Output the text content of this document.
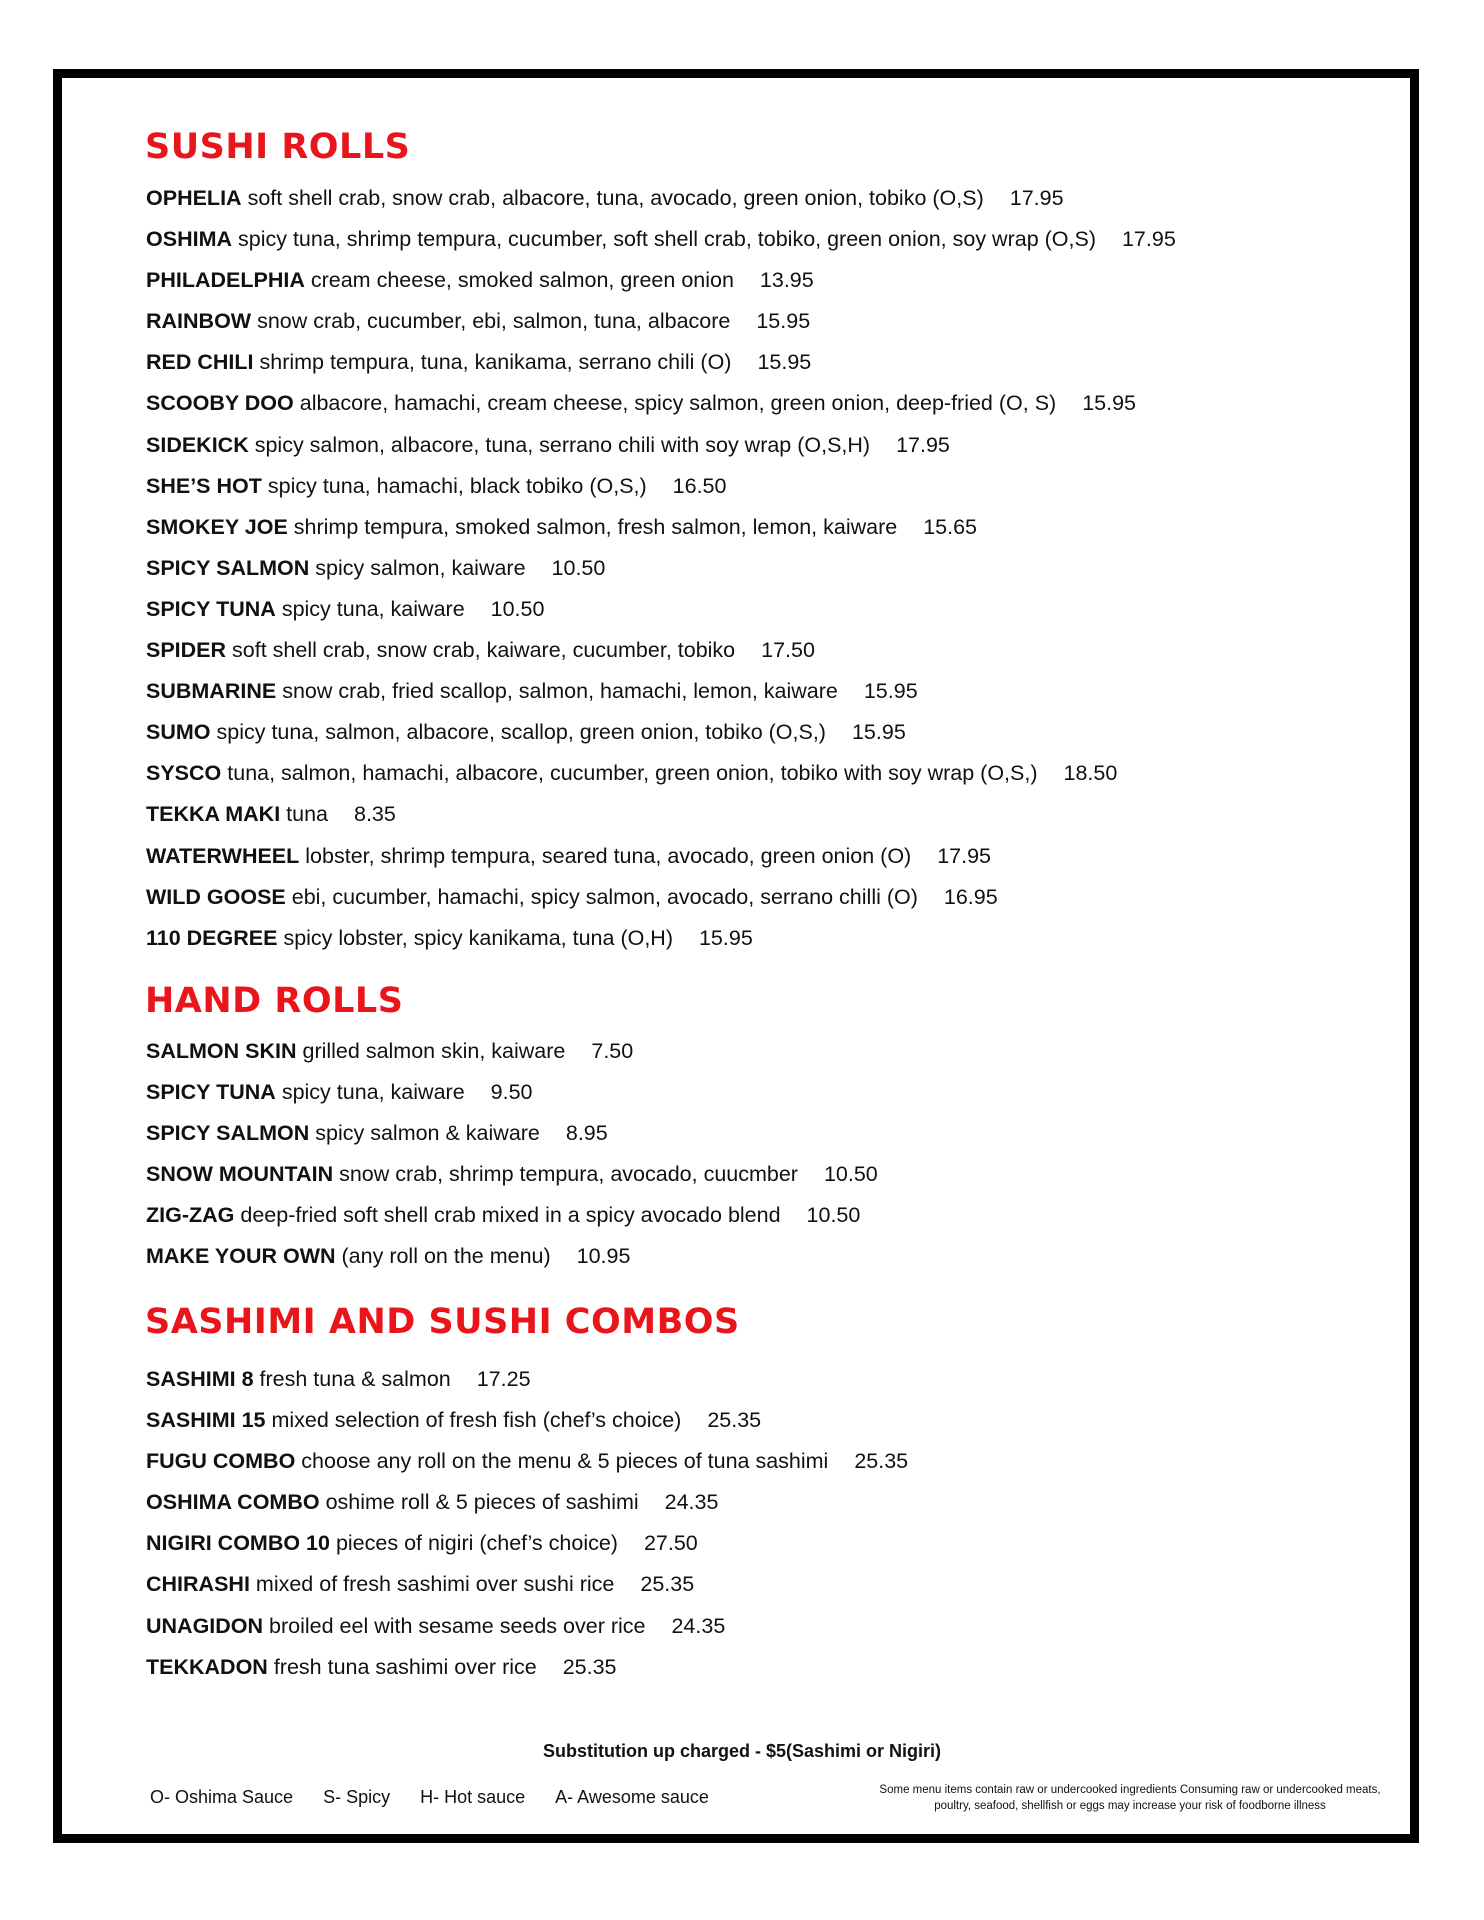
SUSHI ROLLS
OPHELIA soft shell crab, snow crab, albacore, tuna, avocado, green onion, tobiko (O,S) 17.95
OSHIMA spicy tuna, shrimp tempura, cucumber, soft shell crab, tobiko, green onion, soy wrap (O,S) 17.95
PHILADELPHIA cream cheese, smoked salmon, green onion 13.95
RAINBOW snow crab, cucumber, ebi, salmon, tuna, albacore 15.95
RED CHILI shrimp tempura, tuna, kanikama, serrano chili (O) 15.95
SCOOBY DOO albacore, hamachi, cream cheese, spicy salmon, green onion, deep-fried (O, S) 15.95
SIDEKICK spicy salmon, albacore, tuna, serrano chili with soy wrap (O,S,H) 17.95
SHE’S HOT spicy tuna, hamachi, black tobiko (O,S,) 16.50
SMOKEY JOE shrimp tempura, smoked salmon, fresh salmon, lemon, kaiware 15.65
SPICY SALMON spicy salmon, kaiware 10.50
SPICY TUNA spicy tuna, kaiware 10.50
SPIDER soft shell crab, snow crab, kaiware, cucumber, tobiko 17.50
SUBMARINE snow crab, fried scallop, salmon, hamachi, lemon, kaiware 15.95
SUMO spicy tuna, salmon, albacore, scallop, green onion, tobiko (O,S,) 15.95
SYSCO tuna, salmon, hamachi, albacore, cucumber, green onion, tobiko with soy wrap (O,S,) 18.50
TEKKA MAKI tuna 8.35
WATERWHEEL lobster, shrimp tempura, seared tuna, avocado, green onion (O) 17.95
WILD GOOSE ebi, cucumber, hamachi, spicy salmon, avocado, serrano chilli (O) 16.95
110 DEGREE spicy lobster, spicy kanikama, tuna (O,H) 15.95
HAND ROLLS
SALMON SKIN grilled salmon skin, kaiware 7.50
SPICY TUNA spicy tuna, kaiware 9.50
SPICY SALMON spicy salmon & kaiware 8.95
SNOW MOUNTAIN snow crab, shrimp tempura, avocado, cuucmber 10.50
ZIG-ZAG deep-fried soft shell crab mixed in a spicy avocado blend 10.50
MAKE YOUR OWN (any roll on the menu) 10.95
SASHIMI AND SUSHI COMBOS
SASHIMI 8 fresh tuna & salmon 17.25
SASHIMI 15 mixed selection of fresh fish (chef’s choice) 25.35
FUGU COMBO choose any roll on the menu & 5 pieces of tuna sashimi 25.35
OSHIMA COMBO oshime roll & 5 pieces of sashimi 24.35
NIGIRI COMBO 10 pieces of nigiri (chef’s choice) 27.50
CHIRASHI mixed of fresh sashimi over sushi rice 25.35
UNAGIDON broiled eel with sesame seeds over rice 24.35
TEKKADON fresh tuna sashimi over rice 25.35
Substitution up charged - $5(Sashimi or Nigiri)
O- Oshima Sauce S- Spicy H- Hot sauce A- Awesome sauce	Some menu items contain raw or undercooked ingredients Consuming raw or undercooked meats,
poultry, seafood, shellfish or eggs may increase your risk of foodborne illness
